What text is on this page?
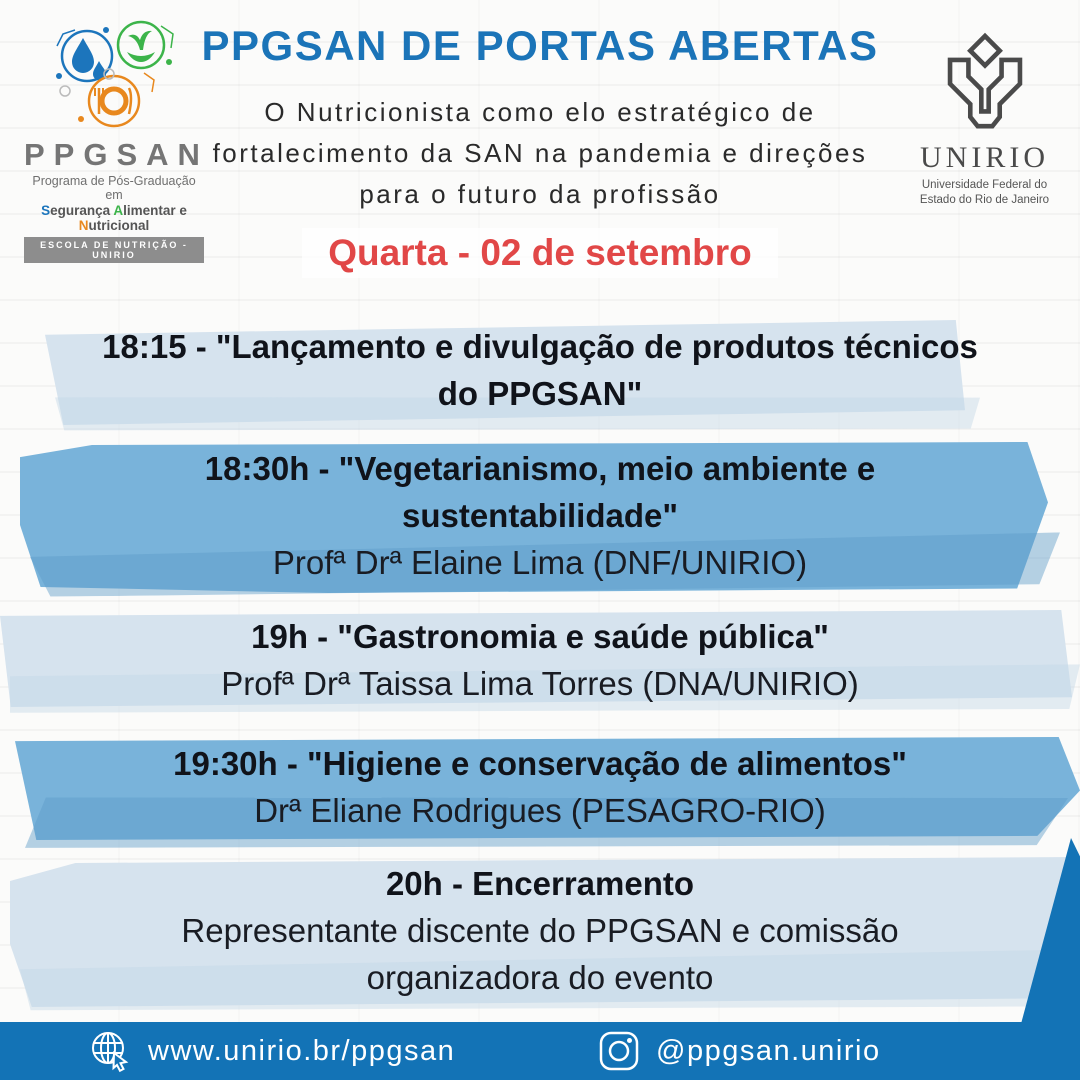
PPGSAN
Programa de Pós-Graduação em
Segurança Alimentar e Nutricional
ESCOLA DE NUTRIÇÃO - UNIRIO
PPGSAN DE PORTAS ABERTAS
O Nutricionista como elo estratégico de fortalecimento da SAN na pandemia e direções para o futuro da profissão
UNIRIO
Universidade Federal do
Estado do Rio de Janeiro
Quarta - 02 de setembro
18:15 - "Lançamento e divulgação de produtos técnicos do PPGSAN"
18:30h - "Vegetarianismo, meio ambiente e sustentabilidade"
Profª Drª Elaine Lima (DNF/UNIRIO)
19h - "Gastronomia e saúde pública"
Profª Drª Taissa Lima Torres (DNA/UNIRIO)
19:30h - "Higiene e conservação de alimentos"
Drª Eliane Rodrigues (PESAGRO-RIO)
20h - Encerramento
Representante discente do PPGSAN e comissão organizadora do evento
www.unirio.br/ppgsan	@ppgsan.unirio
